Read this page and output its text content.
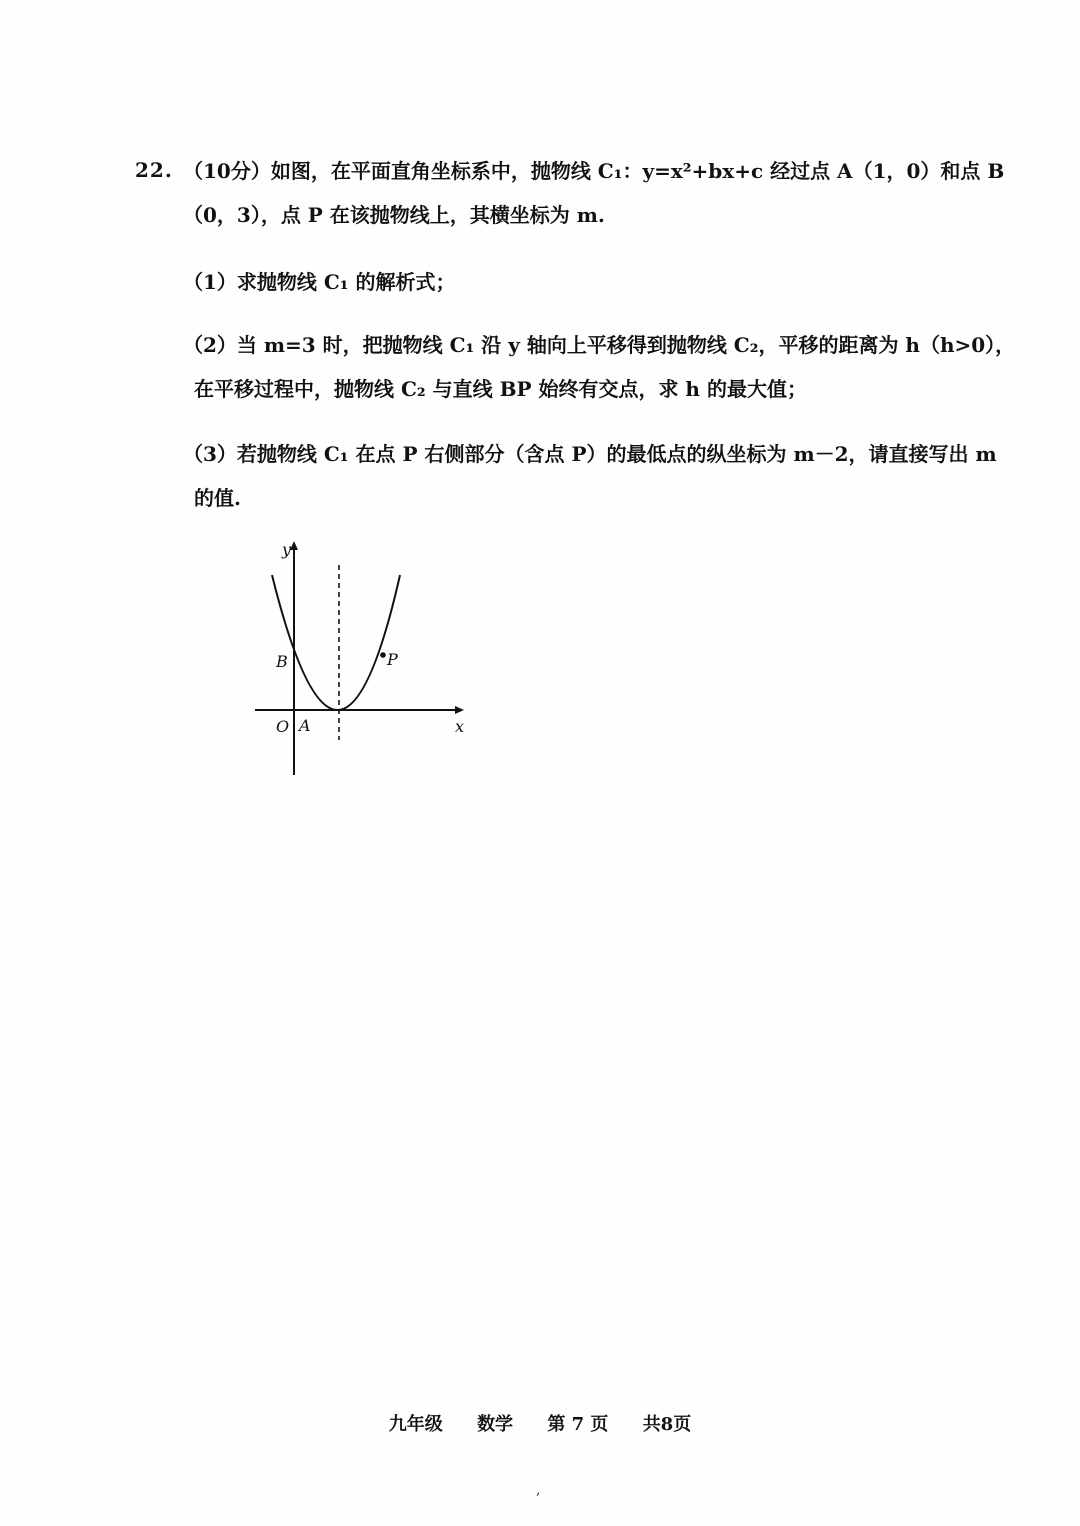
22. （10分）如图，在平面直角坐标系中，抛物线 C₁：y=x²+bx+c 经过点 A（1，0）和点 B
（0，3），点 P 在该抛物线上，其横坐标为 m.
（1）求抛物线 C₁ 的解析式；
（2）当 m=3 时，把抛物线 C₁ 沿 y 轴向上平移得到抛物线 C₂，平移的距离为 h（h>0），
在平移过程中，抛物线 C₂ 与直线 BP 始终有交点，求 h 的最大值；
（3）若抛物线 C₁ 在点 P 右侧部分（含点 P）的最低点的纵坐标为 m－2，请直接写出 m
的值.
y
x
O A
B	P
九年级 数学 第 7 页 共8页
,
